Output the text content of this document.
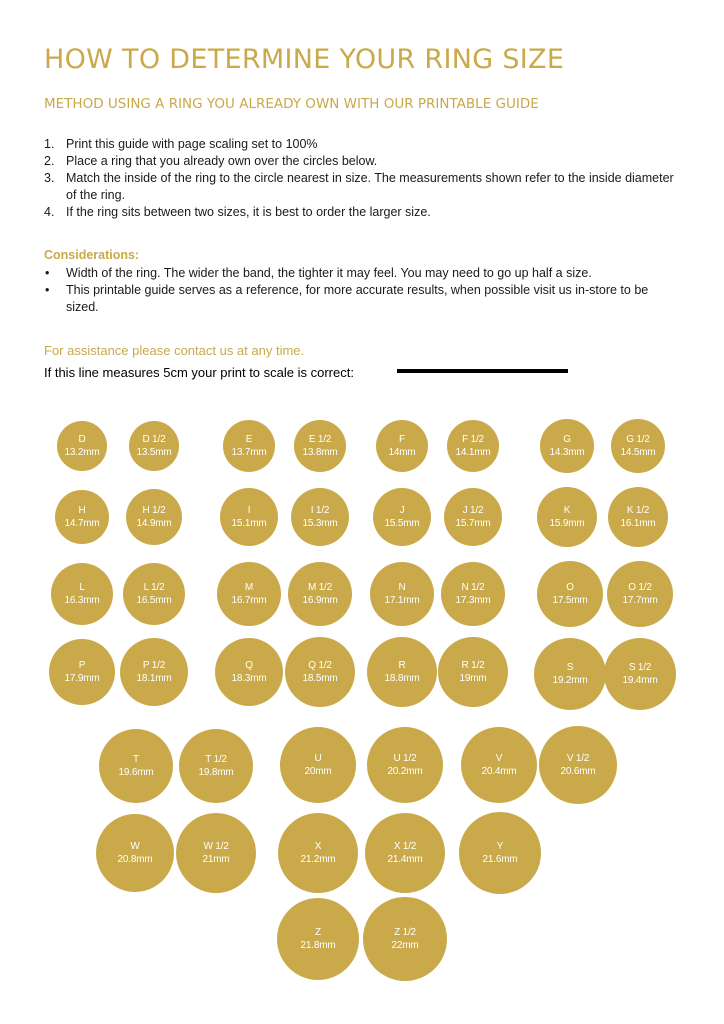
HOW TO DETERMINE YOUR RING SIZE
METHOD USING A RING YOU ALREADY OWN WITH OUR PRINTABLE GUIDE
1. Print this guide with page scaling set to 100%
2. Place a ring that you already own over the circles below.
3. Match the inside of the ring to the circle nearest in size. The measurements shown refer to the inside diameter of the ring.
4. If the ring sits between two sizes, it is best to order the larger size.

Considerations:

• Width of the ring. The wider the band, the tighter it may feel. You may need to go up half a size.
• This printable guide serves as a reference, for more accurate results, when possible visit us in-store to be sized.

For assistance please contact us at any time.

If this line measures 5cm your print to scale is correct:

D
13.2mm
D 1/2
13.5mm
E
13.7mm
E 1/2
13.8mm
F
14mm
F 1/2
14.1mm
G
14.3mm
G 1/2
14.5mm
H
14.7mm
H 1/2
14.9mm
I
15.1mm
I 1/2
15.3mm
J
15.5mm
J 1/2
15.7mm
K
15.9mm
K 1/2
16.1mm
L
16.3mm
L 1/2
16.5mm
M
16.7mm
M 1/2
16.9mm
N
17.1mm
N 1/2
17.3mm
O
17.5mm
O 1/2
17.7mm
P
17.9mm
P 1/2
18.1mm
Q
18.3mm
Q 1/2
18.5mm
R
18.8mm
R 1/2
19mm
S
19.2mm
S 1/2
19.4mm
T
19.6mm
T 1/2
19.8mm
U
20mm
U 1/2
20.2mm
V
20.4mm
V 1/2
20.6mm
W
20.8mm
W 1/2
21mm
X
21.2mm
X 1/2
21.4mm
Y
21.6mm
Z
21.8mm
Z 1/2
22mm
